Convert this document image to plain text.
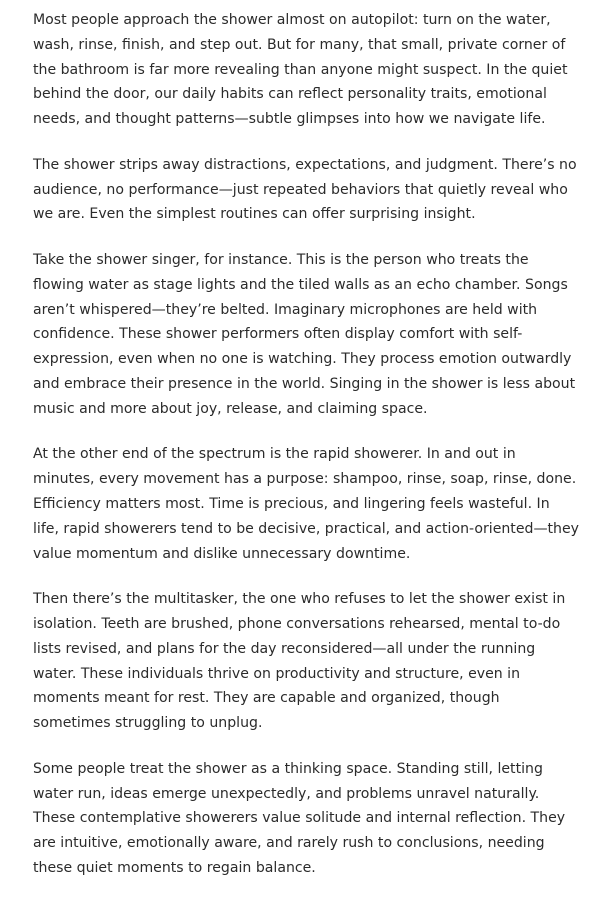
Most people approach the shower almost on autopilot: turn on the water, wash, rinse, finish, and step out. But for many, that small, private corner of the bathroom is far more revealing than anyone might suspect. In the quiet behind the door, our daily habits can reflect personality traits, emotional needs, and thought patterns—subtle glimpses into how we navigate life.

The shower strips away distractions, expectations, and judgment. There’s no audience, no performance—just repeated behaviors that quietly reveal who we are. Even the simplest routines can offer surprising insight.

Take the shower singer, for instance. This is the person who treats the flowing water as stage lights and the tiled walls as an echo chamber. Songs aren’t whispered—they’re belted. Imaginary microphones are held with confidence. These shower performers often display comfort with self-expression, even when no one is watching. They process emotion outwardly and embrace their presence in the world. Singing in the shower is less about music and more about joy, release, and claiming space.

At the other end of the spectrum is the rapid showerer. In and out in minutes, every movement has a purpose: shampoo, rinse, soap, rinse, done. Efficiency matters most. Time is precious, and lingering feels wasteful. In life, rapid showerers tend to be decisive, practical, and action-oriented—they value momentum and dislike unnecessary downtime.

Then there’s the multitasker, the one who refuses to let the shower exist in isolation. Teeth are brushed, phone conversations rehearsed, mental to-do lists revised, and plans for the day reconsidered—all under the running water. These individuals thrive on productivity and structure, even in moments meant for rest. They are capable and organized, though sometimes struggling to unplug.

Some people treat the shower as a thinking space. Standing still, letting water run, ideas emerge unexpectedly, and problems unravel naturally. These contemplative showerers value solitude and internal reflection. They are intuitive, emotionally aware, and rarely rush to conclusions, needing these quiet moments to regain balance.
